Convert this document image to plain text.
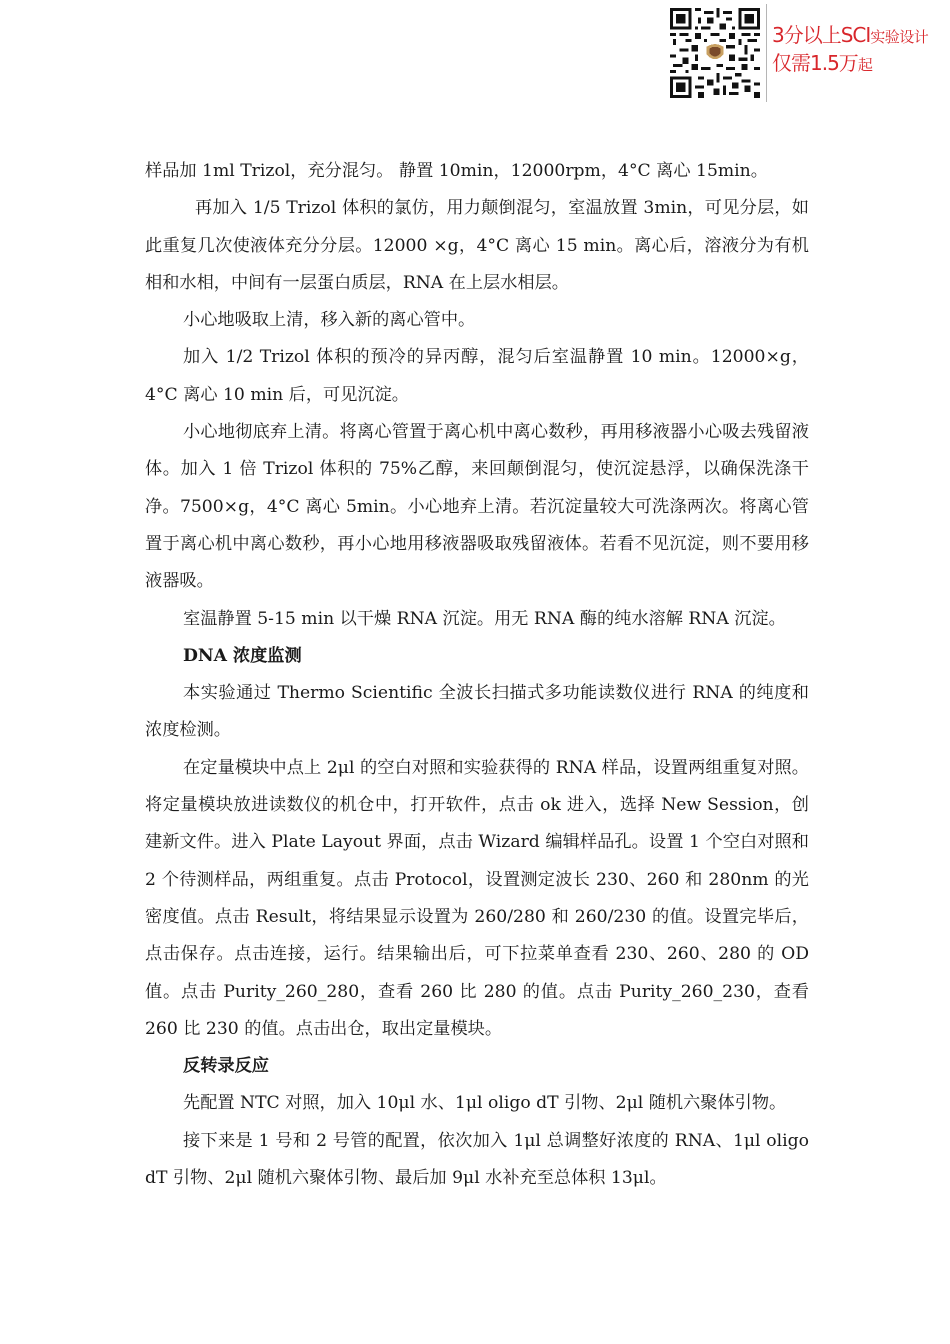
3分以上SCI实验设计
仅需1.5万起

样品加 1ml Trizol，充分混匀。 静置 10min，12000rpm，4°C 离心 15min。

再加入 1/5 Trizol 体积的氯仿，用力颠倒混匀，室温放置 3min，可见分层，如此重复几次使液体充分分层。12000 ×g，4°C 离心 15 min。离心后，溶液分为有机相和水相，中间有一层蛋白质层，RNA 在上层水相层。

小心地吸取上清，移入新的离心管中。

加入 1/2 Trizol 体积的预冷的异丙醇，混匀后室温静置 10 min。12000×g，4°C 离心 10 min 后，可见沉淀。

小心地彻底弃上清。将离心管置于离心机中离心数秒，再用移液器小心吸去残留液体。加入 1 倍 Trizol 体积的 75%乙醇，来回颠倒混匀，使沉淀悬浮，以确保洗涤干净。7500×g，4°C 离心 5min。小心地弃上清。若沉淀量较大可洗涤两次。将离心管置于离心机中离心数秒，再小心地用移液器吸取残留液体。若看不见沉淀，则不要用移液器吸。

室温静置 5-15 min 以干燥 RNA 沉淀。用无 RNA 酶的纯水溶解 RNA 沉淀。

DNA 浓度监测

本实验通过 Thermo Scientific 全波长扫描式多功能读数仪进行 RNA 的纯度和浓度检测。

在定量模块中点上 2μl 的空白对照和实验获得的 RNA 样品，设置两组重复对照。将定量模块放进读数仪的机仓中，打开软件，点击 ok 进入，选择 New Session，创建新文件。进入 Plate Layout 界面，点击 Wizard 编辑样品孔。设置 1 个空白对照和 2 个待测样品，两组重复。点击 Protocol，设置测定波长 230、260 和 280nm 的光密度值。点击 Result，将结果显示设置为 260/280 和 260/230 的值。设置完毕后，点击保存。点击连接，运行。结果输出后，可下拉菜单查看 230、260、280 的 OD 值。点击 Purity_260_280，查看 260 比 280 的值。点击 Purity_260_230，查看 260 比 230 的值。点击出仓，取出定量模块。

反转录反应

先配置 NTC 对照，加入 10μl 水、1μl oligo dT 引物、2μl 随机六聚体引物。

接下来是 1 号和 2 号管的配置，依次加入 1μl 总调整好浓度的 RNA、1μl oligo dT 引物、2μl 随机六聚体引物、最后加 9μl 水补充至总体积 13μl。
